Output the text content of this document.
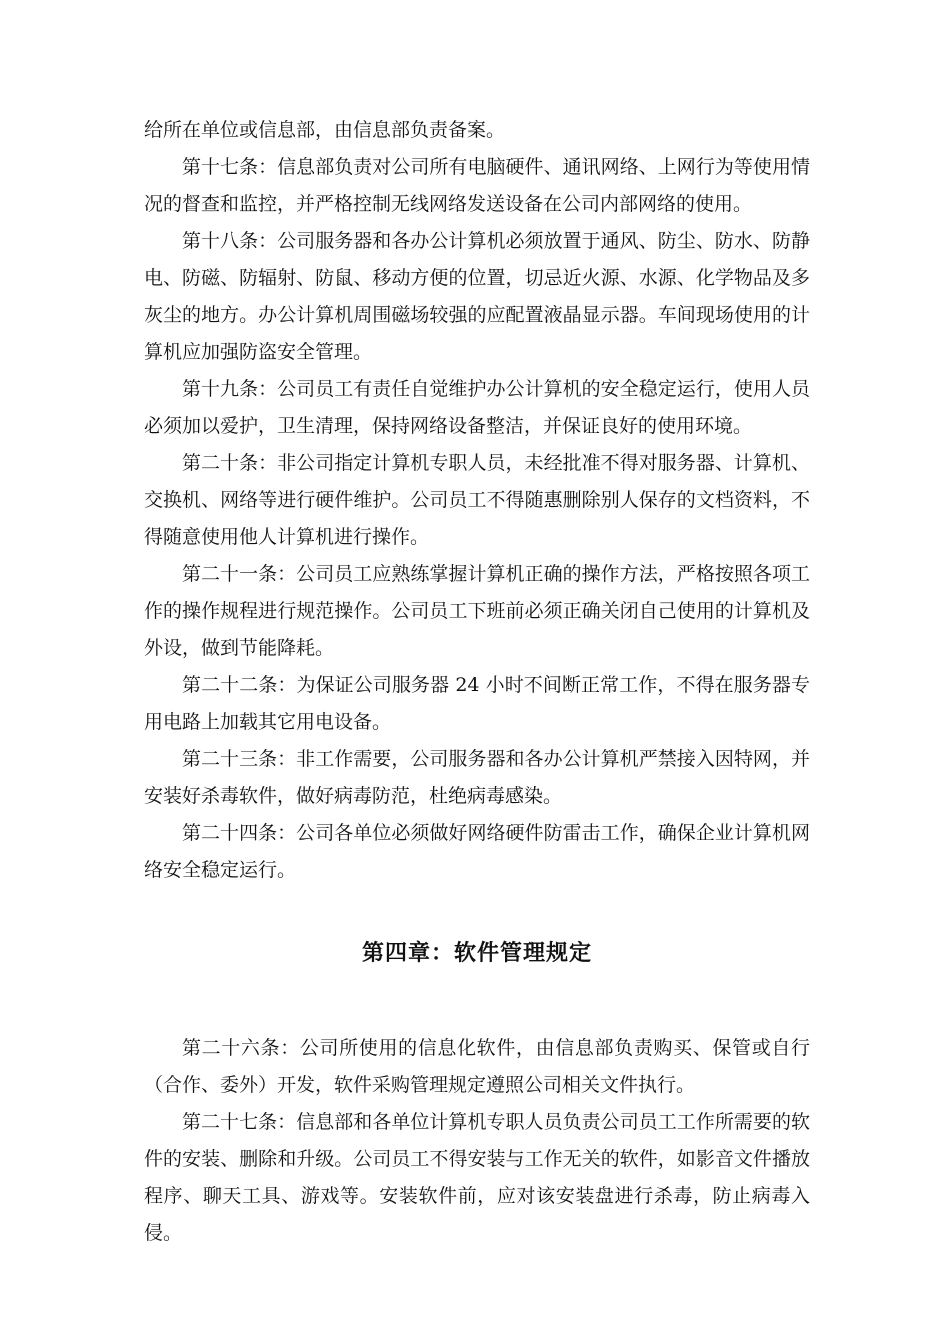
给所在单位或信息部，由信息部负责备案。

第十七条：信息部负责对公司所有电脑硬件、通讯网络、上网行为等使用情况的督查和监控，并严格控制无线网络发送设备在公司内部网络的使用。

第十八条：公司服务器和各办公计算机必须放置于通风、防尘、防水、防静电、防磁、防辐射、防鼠、移动方便的位置，切忌近火源、水源、化学物品及多灰尘的地方。办公计算机周围磁场较强的应配置液晶显示器。车间现场使用的计算机应加强防盗安全管理。

第十九条：公司员工有责任自觉维护办公计算机的安全稳定运行，使用人员必须加以爱护，卫生清理，保持网络设备整洁，并保证良好的使用环境。

第二十条：非公司指定计算机专职人员，未经批准不得对服务器、计算机、交换机、网络等进行硬件维护。公司员工不得随惠删除别人保存的文档资料，不得随意使用他人计算机进行操作。

第二十一条：公司员工应熟练掌握计算机正确的操作方法，严格按照各项工作的操作规程进行规范操作。公司员工下班前必须正确关闭自己使用的计算机及外设，做到节能降耗。

第二十二条：为保证公司服务器 24 小时不间断正常工作，不得在服务器专用电路上加载其它用电设备。

第二十三条：非工作需要，公司服务器和各办公计算机严禁接入因特网，并安装好杀毒软件，做好病毒防范，杜绝病毒感染。

第二十四条：公司各单位必须做好网络硬件防雷击工作，确保企业计算机网络安全稳定运行。

第四章：软件管理规定

第二十六条：公司所使用的信息化软件，由信息部负责购买、保管或自行（合作、委外）开发，软件采购管理规定遵照公司相关文件执行。

第二十七条：信息部和各单位计算机专职人员负责公司员工工作所需要的软件的安装、删除和升级。公司员工不得安装与工作无关的软件，如影音文件播放程序、聊天工具、游戏等。安装软件前，应对该安装盘进行杀毒，防止病毒入侵。
